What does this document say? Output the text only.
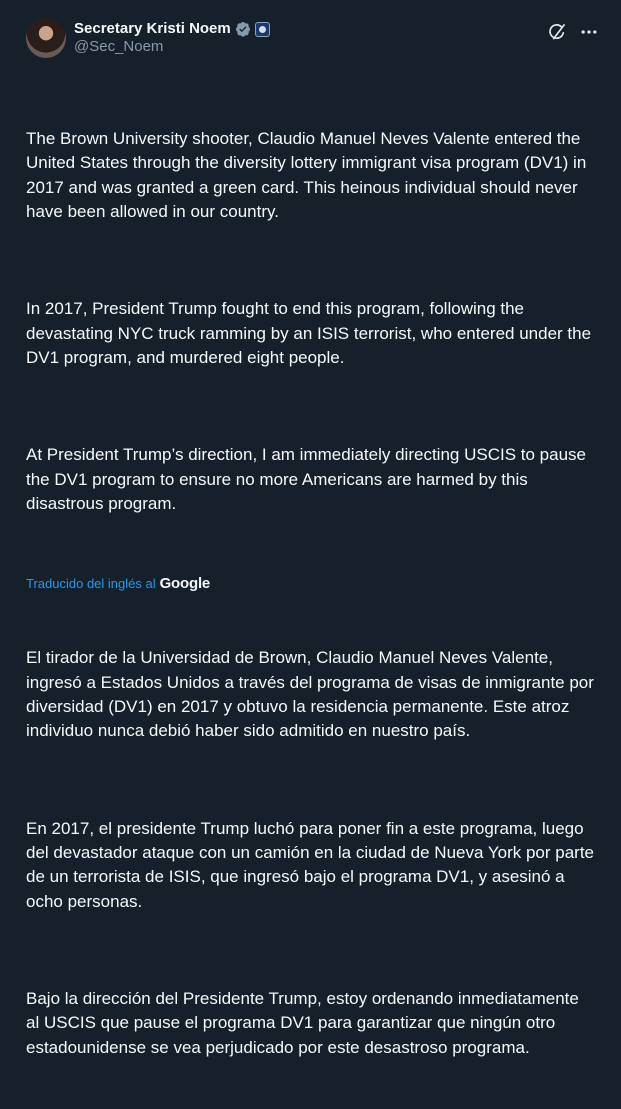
Secretary Kristi Noem
@Sec_Noem

The Brown University shooter, Claudio Manuel Neves Valente entered the United States through the diversity lottery immigrant visa program (DV1) in 2017 and was granted a green card. This heinous individual should never have been allowed in our country.

In 2017, President Trump fought to end this program, following the devastating NYC truck ramming by an ISIS terrorist, who entered under the DV1 program, and murdered eight people.

At President Trump’s direction, I am immediately directing USCIS to pause the DV1 program to ensure no more Americans are harmed by this disastrous program.

Traducido del inglés al Google

El tirador de la Universidad de Brown, Claudio Manuel Neves Valente, ingresó a Estados Unidos a través del programa de visas de inmigrante por diversidad (DV1) en 2017 y obtuvo la residencia permanente. Este atroz individuo nunca debió haber sido admitido en nuestro país.

En 2017, el presidente Trump luchó para poner fin a este programa, luego del devastador ataque con un camión en la ciudad de Nueva York por parte de un terrorista de ISIS, que ingresó bajo el programa DV1, y asesinó a ocho personas.

Bajo la dirección del Presidente Trump, estoy ordenando inmediatamente al USCIS que pause el programa DV1 para garantizar que ningún otro estadounidense se vea perjudicado por este desastroso programa.
